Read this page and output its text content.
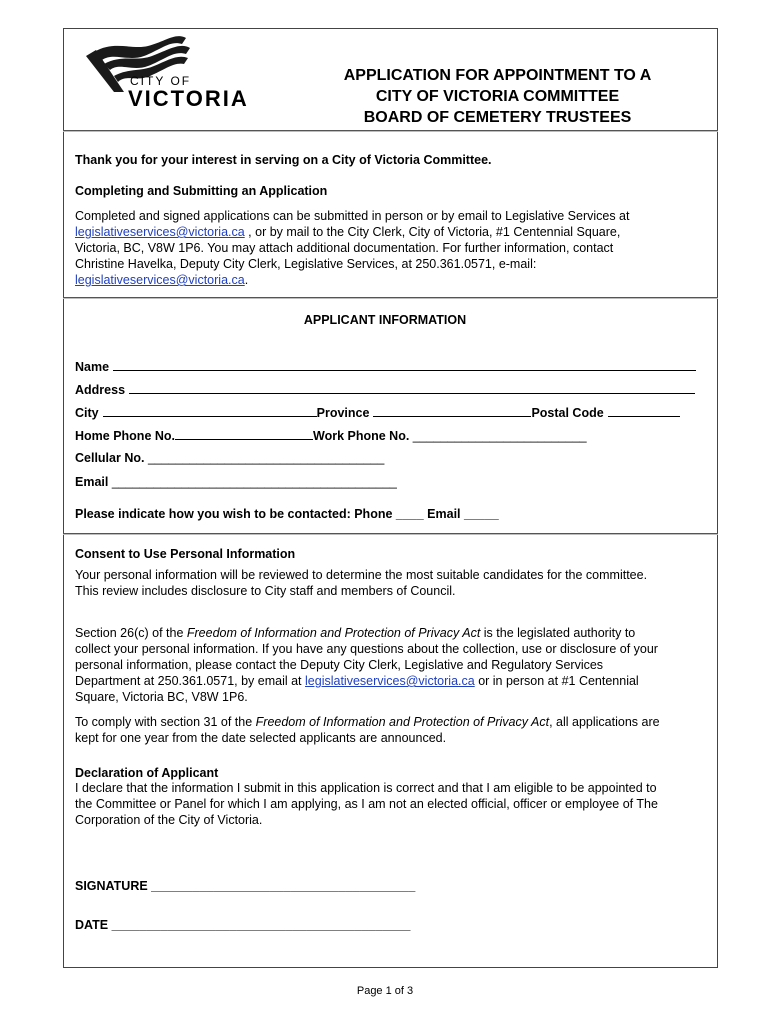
CITY OF
VICTORIA
APPLICATION FOR APPOINTMENT TO A
CITY OF VICTORIA COMMITTEE
BOARD OF CEMETERY TRUSTEES
Thank you for your interest in serving on a City of Victoria Committee.
Completing and Submitting an Application
Completed and signed applications can be submitted in person or by email to Legislative Services at
legislativeservices@victoria.ca , or by mail to the City Clerk, City of Victoria, #1 Centennial Square,
Victoria, BC, V8W 1P6. You may attach additional documentation. For further information, contact
Christine Havelka, Deputy City Clerk, Legislative Services, at 250.361.0571, e-mail:
legislativeservices@victoria.ca.
APPLICANT INFORMATION
Name
Address
City	Province	Postal Code
Home Phone No.	Work Phone No. _________________________
Cellular No. __________________________________
Email _________________________________________
Please indicate how you wish to be contacted: Phone ____ Email _____
Consent to Use Personal Information
Your personal information will be reviewed to determine the most suitable candidates for the committee.
This review includes disclosure to City staff and members of Council.
Section 26(c) of the Freedom of Information and Protection of Privacy Act is the legislated authority to
collect your personal information. If you have any questions about the collection, use or disclosure of your
personal information, please contact the Deputy City Clerk, Legislative and Regulatory Services
Department at 250.361.0571, by email at legislativeservices@victoria.ca or in person at #1 Centennial
Square, Victoria BC, V8W 1P6.
To comply with section 31 of the Freedom of Information and Protection of Privacy Act, all applications are
kept for one year from the date selected applicants are announced.
Declaration of Applicant
I declare that the information I submit in this application is correct and that I am eligible to be appointed to
the Committee or Panel for which I am applying, as I am not an elected official, officer or employee of The
Corporation of the City of Victoria.
SIGNATURE ______________________________________
DATE ___________________________________________
Page 1 of 3
